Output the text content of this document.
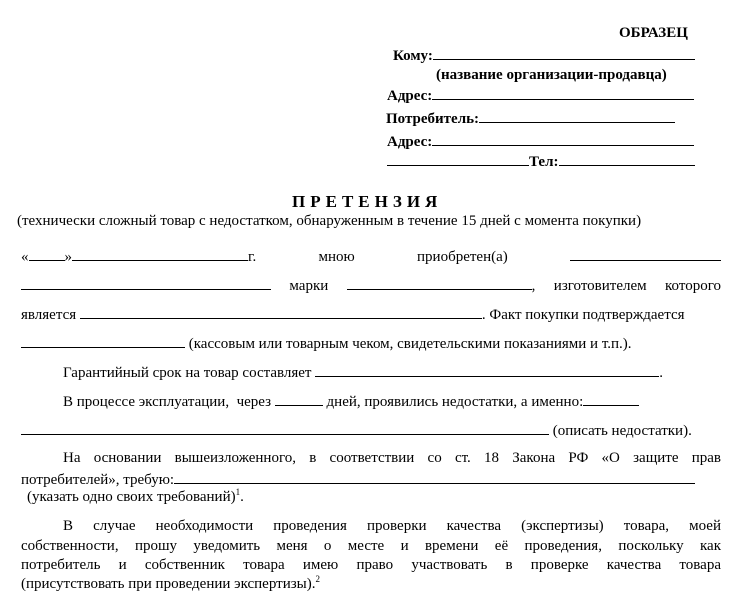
ОБРАЗЕЦ
Кому:
(название организации-продавца)
Адрес:
Потребитель:
Адрес:
Тел:
ПРЕТЕНЗИЯ
(технически сложный товар с недостатком, обнаруженным в течение 15 дней с момента покупки)
« »	г.	мною	приобретен(а)
марки	, изготовителем которого
является	. Факт покупки подтверждается
(кассовым или товарным чеком, свидетельскими показаниями и т.п.).
Гарантийный срок на товар составляет	.
В процессе эксплуатации, через	дней, проявились недостатки, а именно:
(описать недостатки).
На основании вышеизложенного, в соответствии со ст. 18 Закона РФ «О защите прав
потребителей», требую:
(указать одно своих требований)$^1$.
В случае необходимости проведения проверки качества (экспертизы) товара, моей
собственности, прошу уведомить меня о месте и времени её проведения, поскольку как
потребитель и собственник товара имею право участвовать в проверке качества товара
(присутствовать при проведении экспертизы).$^2$
